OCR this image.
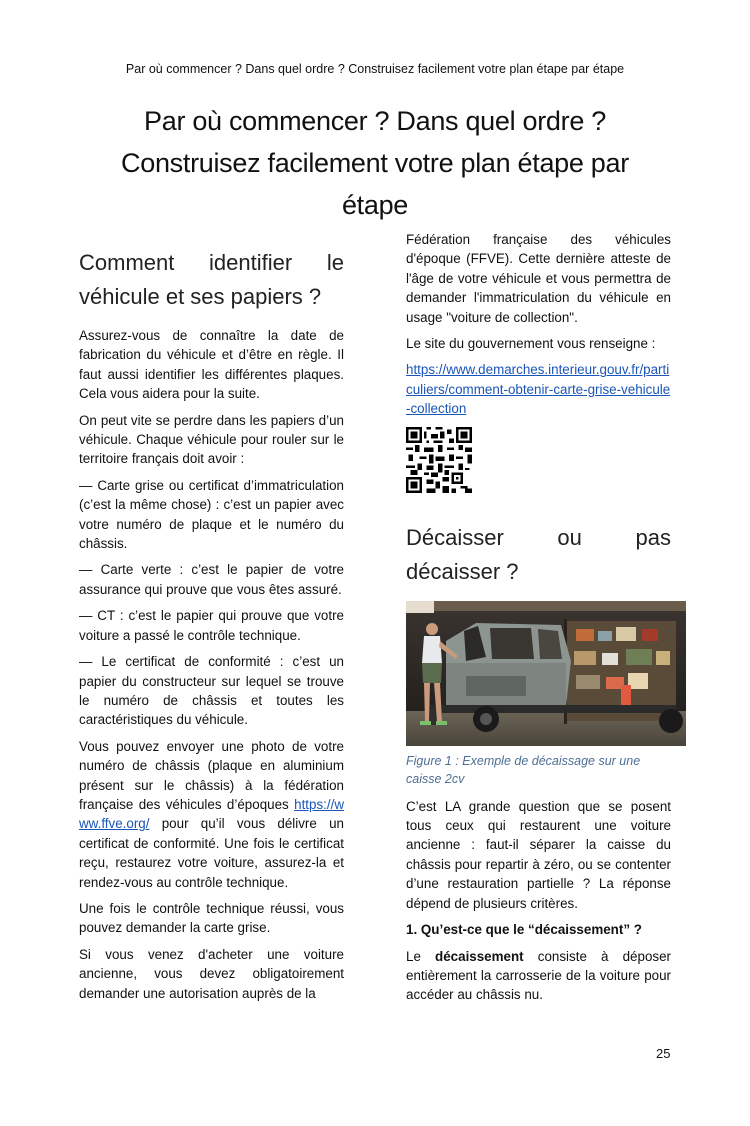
Par où commencer ? Dans quel ordre ? Construisez facilement votre plan étape par étape
Par où commencer ? Dans quel ordre ?
Construisez facilement votre plan étape par
étape
Comment identifier le
véhicule et ses papiers ?

Assurez-vous de connaître la date de fabrication du véhicule et d’être en règle. Il faut aussi identifier les différentes plaques. Cela vous aidera pour la suite.

On peut vite se perdre dans les papiers d’un véhicule. Chaque véhicule pour rouler sur le territoire français doit avoir :

— Carte grise ou certificat d’immatriculation (c’est la même chose) : c’est un papier avec votre numéro de plaque et le numéro du châssis.

— Carte verte : c’est le papier de votre assurance qui prouve que vous êtes assuré.

— CT : c’est le papier qui prouve que votre voiture a passé le contrôle technique.

— Le certificat de conformité : c’est un papier du constructeur sur lequel se trouve le numéro de châssis et toutes les caractéristiques du véhicule.

Vous pouvez envoyer une photo de votre numéro de châssis (plaque en aluminium présent sur le châssis) à la fédération française des véhicules d’époques https://www.ffve.org/ pour qu’il vous délivre un certificat de conformité. Une fois le certificat reçu, restaurez votre voiture, assurez-la et rendez-vous au contrôle technique.

Une fois le contrôle technique réussi, vous pouvez demander la carte grise.

Si vous venez d'acheter une voiture ancienne, vous devez obligatoirement demander une autorisation auprès de la

Fédération française des véhicules d'époque (FFVE). Cette dernière atteste de l'âge de votre véhicule et vous permettra de demander l'immatriculation du véhicule en usage "voiture de collection".

Le site du gouvernement vous renseigne :

https://www.demarches.interieur.gouv.fr/particuliers/comment-obtenir-carte-grise-vehicule-collection

Décaisser ou pas
décaisser ?
Figure 1 : Exemple de décaissage sur une caisse 2cv

C’est LA grande question que se posent tous ceux qui restaurent une voiture ancienne : faut-il séparer la caisse du châssis pour repartir à zéro, ou se contenter d’une restauration partielle ? La réponse dépend de plusieurs critères.

1. Qu’est-ce que le “décaissement” ?

Le décaissement consiste à déposer entièrement la carrosserie de la voiture pour accéder au châssis nu.

25
